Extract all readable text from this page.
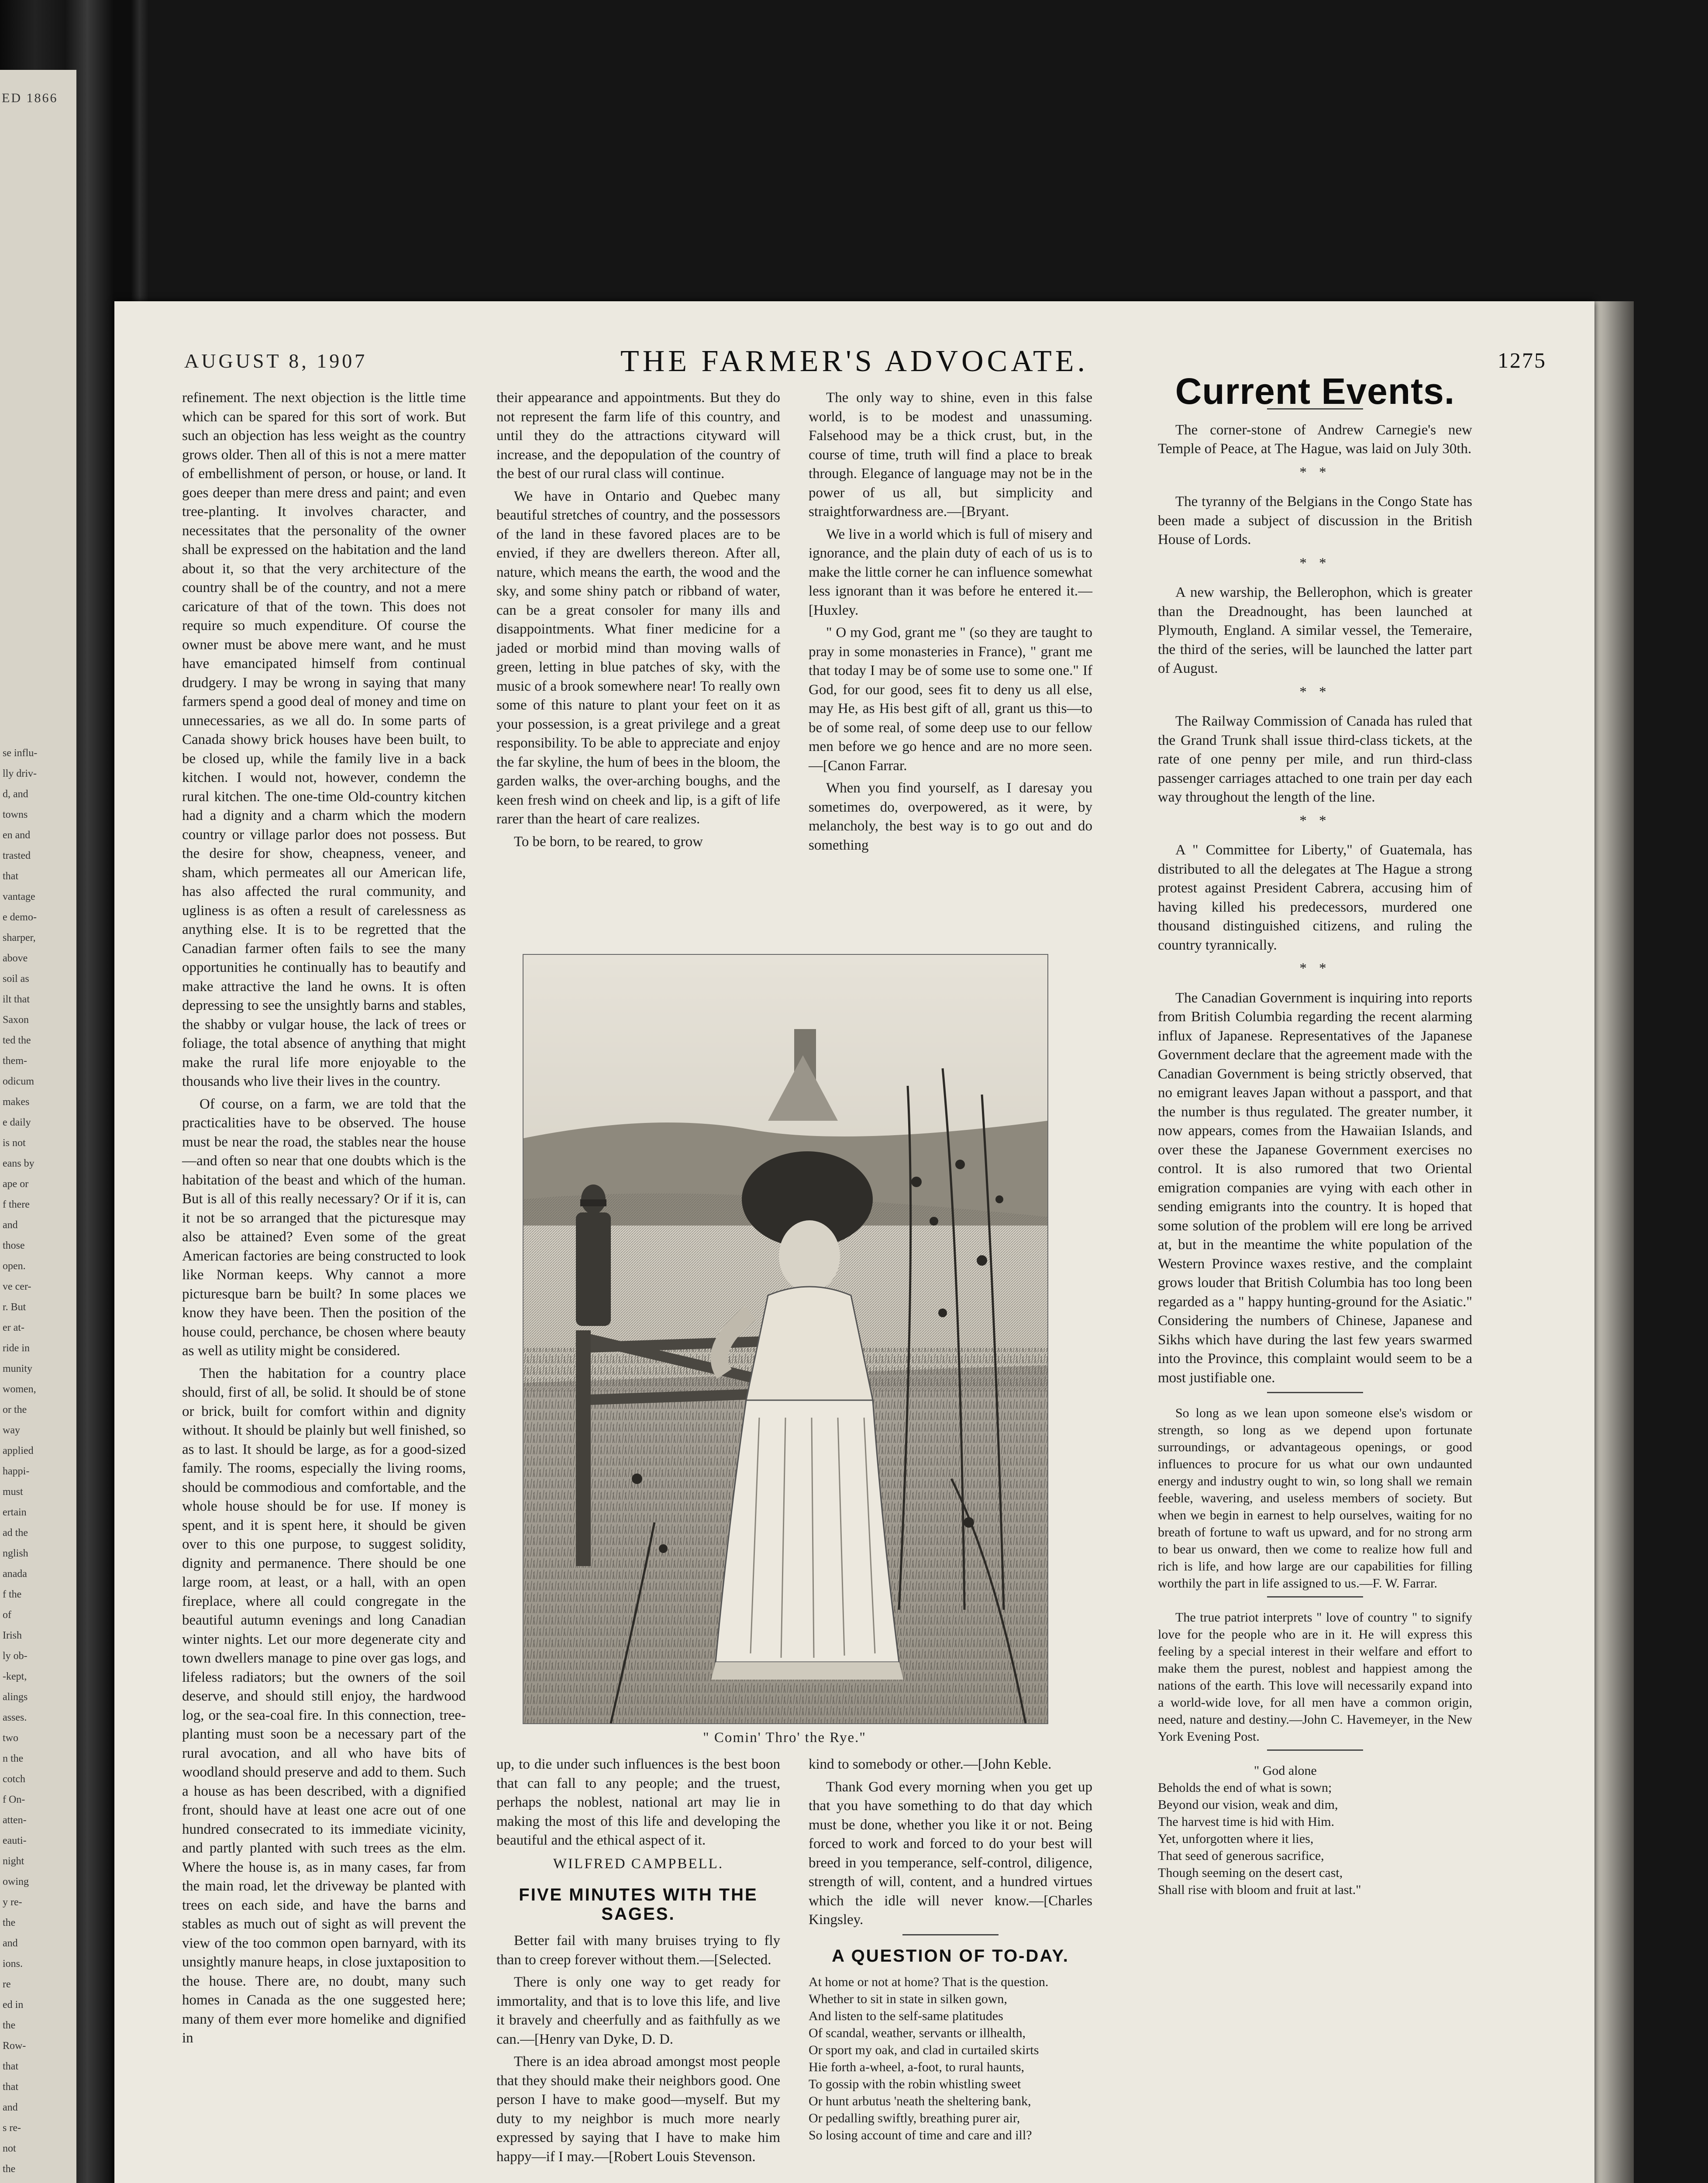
ED 1866
se influ-
lly driv-
d, and
towns
en and
trasted
that
vantage
e demo-
sharper,
above
soil as
ilt that
Saxon
ted the
them-
odicum
makes
e daily
is not
eans by
ape or
f there
and
those
open.
ve cer-
r. But
er at-
ride in
munity
women,
or the
way
applied
happi-
must
ertain
ad the
nglish
anada
f the
of
Irish
ly ob-
-kept,
alings
asses.
two
n the
cotch
f On-
atten-
eauti-
night
owing
y re-
the
and
ions.
re
ed in
the
Row-
that
that
and
s re-
not
the
THE FARMER'S ADVOCATE.
AUGUST 8, 1907	1275

refinement. The next objection is the little time which can be spared for this sort of work. But such an objection has less weight as the country grows older. Then all of this is not a mere matter of embellishment of person, or house, or land. It goes deeper than mere dress and paint; and even tree-planting. It involves character, and necessitates that the personality of the owner shall be expressed on the habitation and the land about it, so that the very architecture of the country shall be of the country, and not a mere caricature of that of the town. This does not require so much expenditure. Of course the owner must be above mere want, and he must have emancipated himself from continual drudgery. I may be wrong in saying that many farmers spend a good deal of money and time on unnecessaries, as we all do. In some parts of Canada showy brick houses have been built, to be closed up, while the family live in a back kitchen. I would not, however, condemn the rural kitchen. The one-time Old-country kitchen had a dignity and a charm which the modern country or village parlor does not possess. But the desire for show, cheapness, veneer, and sham, which permeates all our American life, has also affected the rural community, and ugliness is as often a result of carelessness as anything else. It is to be regretted that the Canadian farmer often fails to see the many opportunities he continually has to beautify and make attractive the land he owns. It is often depressing to see the unsightly barns and stables, the shabby or vulgar house, the lack of trees or foliage, the total absence of anything that might make the rural life more enjoyable to the thousands who live their lives in the country.

Of course, on a farm, we are told that the practicalities have to be observed. The house must be near the road, the stables near the house—and often so near that one doubts which is the habitation of the beast and which of the human. But is all of this really necessary? Or if it is, can it not be so arranged that the picturesque may also be attained? Even some of the great American factories are being constructed to look like Norman keeps. Why cannot a more picturesque barn be built? In some places we know they have been. Then the position of the house could, perchance, be chosen where beauty as well as utility might be considered.

Then the habitation for a country place should, first of all, be solid. It should be of stone or brick, built for comfort within and dignity without. It should be plainly but well finished, so as to last. It should be large, as for a good-sized family. The rooms, especially the living rooms, should be commodious and comfortable, and the whole house should be for use. If money is spent, and it is spent here, it should be given over to this one purpose, to suggest solidity, dignity and permanence. There should be one large room, at least, or a hall, with an open fireplace, where all could congregate in the beautiful autumn evenings and long Canadian winter nights. Let our more degenerate city and town dwellers manage to pine over gas logs, and lifeless radiators; but the owners of the soil deserve, and should still enjoy, the hardwood log, or the sea-coal fire. In this connection, tree-planting must soon be a necessary part of the rural avocation, and all who have bits of woodland should preserve and add to them. Such a house as has been described, with a dignified front, should have at least one acre out of one hundred consecrated to its immediate vicinity, and partly planted with such trees as the elm. Where the house is, as in many cases, far from the main road, let the driveway be planted with trees on each side, and have the barns and stables as much out of sight as will prevent the view of the too common open barnyard, with its unsightly manure heaps, in close juxtaposition to the house. There are, no doubt, many such homes in Canada as the one suggested here; many of them ever more homelike and dignified in

their appearance and appointments. But they do not represent the farm life of this country, and until they do the attractions cityward will increase, and the depopulation of the country of the best of our rural class will continue.

We have in Ontario and Quebec many beautiful stretches of country, and the possessors of the land in these favored places are to be envied, if they are dwellers thereon. After all, nature, which means the earth, the wood and the sky, and some shiny patch or ribband of water, can be a great consoler for many ills and disappointments. What finer medicine for a jaded or morbid mind than moving walls of green, letting in blue patches of sky, with the music of a brook somewhere near! To really own some of this nature to plant your feet on it as your possession, is a great privilege and a great responsibility. To be able to appreciate and enjoy the far skyline, the hum of bees in the bloom, the garden walks, the over-arching boughs, and the keen fresh wind on cheek and lip, is a gift of life rarer than the heart of care realizes.

To be born, to be reared, to grow

The only way to shine, even in this false world, is to be modest and unassuming. Falsehood may be a thick crust, but, in the course of time, truth will find a place to break through. Elegance of language may not be in the power of us all, but simplicity and straightforwardness are.—[Bryant.

We live in a world which is full of misery and ignorance, and the plain duty of each of us is to make the little corner he can influence somewhat less ignorant than it was before he entered it.—[Huxley.

" O my God, grant me " (so they are taught to pray in some monasteries in France), " grant me that today I may be of some use to some one." If God, for our good, sees fit to deny us all else, may He, as His best gift of all, grant us this—to be of some real, of some deep use to our fellow men before we go hence and are no more seen.—[Canon Farrar.

When you find yourself, as I daresay you sometimes do, overpowered, as it were, by melancholy, the best way is to go out and do something

" Comin' Thro' the Rye."

up, to die under such influences is the best boon that can fall to any people; and the truest, perhaps the noblest, national art may lie in making the most of this life and developing the beautiful and the ethical aspect of it.

WILFRED CAMPBELL.

FIVE MINUTES WITH THE SAGES.

Better fail with many bruises trying to fly than to creep forever without them.—[Selected.

There is only one way to get ready for immortality, and that is to love this life, and live it bravely and cheerfully and as faithfully as we can.—[Henry van Dyke, D. D.

There is an idea abroad amongst most people that they should make their neighbors good. One person I have to make good—myself. But my duty to my neighbor is much more nearly expressed by saying that I have to make him happy—if I may.—[Robert Louis Stevenson.

kind to somebody or other.—[John Keble.

Thank God every morning when you get up that you have something to do that day which must be done, whether you like it or not. Being forced to work and forced to do your best will breed in you temperance, self-control, diligence, strength of will, content, and a hundred virtues which the idle will never know.—[Charles Kingsley.

A QUESTION OF TO-DAY.

At home or not at home? That is the question.

Whether to sit in state in silken gown,

And listen to the self-same platitudes

Of scandal, weather, servants or illhealth,

Or sport my oak, and clad in curtailed skirts

Hie forth a-wheel, a-foot, to rural haunts,

To gossip with the robin whistling sweet

Or hunt arbutus 'neath the sheltering bank,

Or pedalling swiftly, breathing purer air,

So losing account of time and care and ill?

Current Events.

The corner-stone of Andrew Carnegie's new Temple of Peace, at The Hague, was laid on July 30th.

* *

The tyranny of the Belgians in the Congo State has been made a subject of discussion in the British House of Lords.

* *

A new warship, the Bellerophon, which is greater than the Dreadnought, has been launched at Plymouth, England. A similar vessel, the Temeraire, the third of the series, will be launched the latter part of August.

* *

The Railway Commission of Canada has ruled that the Grand Trunk shall issue third-class tickets, at the rate of one penny per mile, and run third-class passenger carriages attached to one train per day each way throughout the length of the line.

* *

A " Committee for Liberty," of Guatemala, has distributed to all the delegates at The Hague a strong protest against President Cabrera, accusing him of having killed his predecessors, murdered one thousand distinguished citizens, and ruling the country tyrannically.

* *

The Canadian Government is inquiring into reports from British Columbia regarding the recent alarming influx of Japanese. Representatives of the Japanese Government declare that the agreement made with the Canadian Government is being strictly observed, that no emigrant leaves Japan without a passport, and that the number is thus regulated. The greater number, it now appears, comes from the Hawaiian Islands, and over these the Japanese Government exercises no control. It is also rumored that two Oriental emigration companies are vying with each other in sending emigrants into the country. It is hoped that some solution of the problem will ere long be arrived at, but in the meantime the white population of the Western Province waxes restive, and the complaint grows louder that British Columbia has too long been regarded as a " happy hunting-ground for the Asiatic." Considering the numbers of Chinese, Japanese and Sikhs which have during the last few years swarmed into the Province, this complaint would seem to be a most justifiable one.

So long as we lean upon someone else's wisdom or strength, so long as we depend upon fortunate surroundings, or advantageous openings, or good influences to procure for us what our own undaunted energy and industry ought to win, so long shall we remain feeble, wavering, and useless members of society. But when we begin in earnest to help ourselves, waiting for no breath of fortune to waft us upward, and for no strong arm to bear us onward, then we come to realize how full and rich is life, and how large are our capabilities for filling worthily the part in life assigned to us.—F. W. Farrar.

The true patriot interprets " love of country " to signify love for the people who are in it. He will express this feeling by a special interest in their welfare and effort to make them the purest, noblest and happiest among the nations of the earth. This love will necessarily expand into a world-wide love, for all men have a common origin, need, nature and destiny.—John C. Havemeyer, in the New York Evening Post.

" God alone

Beholds the end of what is sown;

Beyond our vision, weak and dim,

The harvest time is hid with Him.

Yet, unforgotten where it lies,

That seed of generous sacrifice,

Though seeming on the desert cast,

Shall rise with bloom and fruit at last."
